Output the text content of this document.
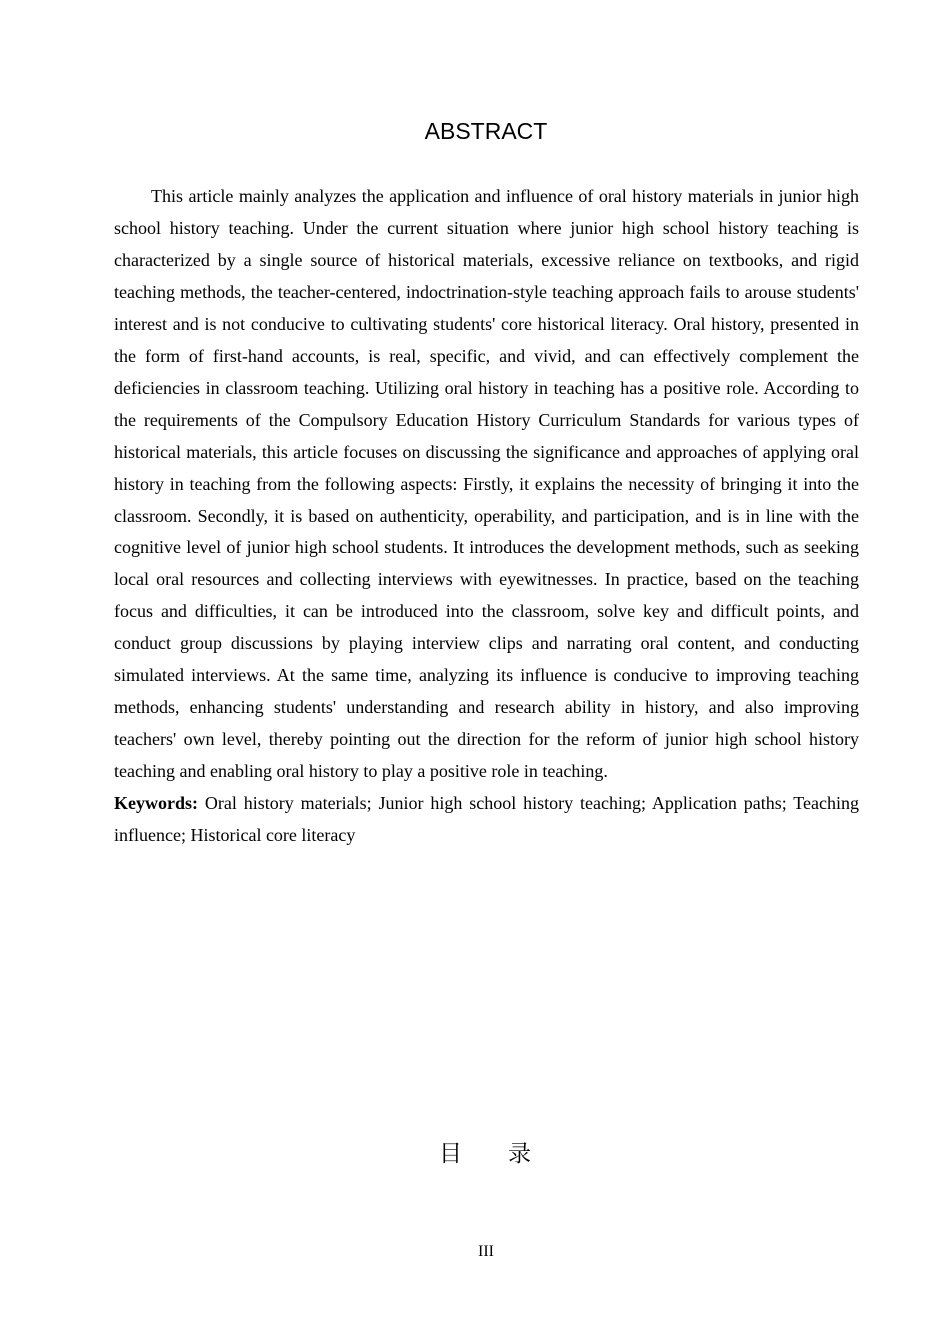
ABSTRACT

This article mainly analyzes the application and influence of oral history materials in junior high school history teaching. Under the current situation where junior high school history teaching is characterized by a single source of historical materials, excessive reliance on textbooks, and rigid teaching methods, the teacher-centered, indoctrination-style teaching approach fails to arouse students' interest and is not conducive to cultivating students' core historical literacy. Oral history, presented in the form of first-hand accounts, is real, specific, and vivid, and can effectively complement the deficiencies in classroom teaching. Utilizing oral history in teaching has a positive role. According to the requirements of the Compulsory Education History Curriculum Standards for various types of historical materials, this article focuses on discussing the significance and approaches of applying oral history in teaching from the following aspects: Firstly, it explains the necessity of bringing it into the classroom. Secondly, it is based on authenticity, operability, and participation, and is in line with the cognitive level of junior high school students. It introduces the development methods, such as seeking local oral resources and collecting interviews with eyewitnesses. In practice, based on the teaching focus and difficulties, it can be introduced into the classroom, solve key and difficult points, and conduct group discussions by playing interview clips and narrating oral content, and conducting simulated interviews. At the same time, analyzing its influence is conducive to improving teaching methods, enhancing students' understanding and research ability in history, and also improving teachers' own level, thereby pointing out the direction for the reform of junior high school history teaching and enabling oral history to play a positive role in teaching.

Keywords: Oral history materials; Junior high school history teaching; Application paths; Teaching influence; Historical core literacy

目 录
III
